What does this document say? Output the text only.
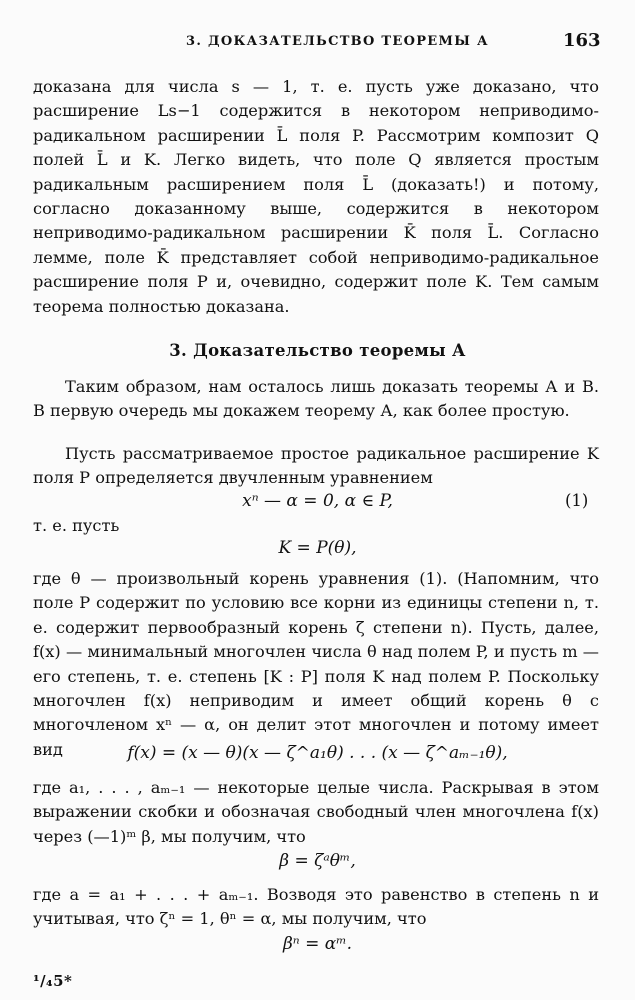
3. ДОКАЗАТЕЛЬСТВО ТЕОРЕМЫ А	163

доказана для числа s — 1, т. е. пусть уже доказано, что расширение Ls−1 содержится в некотором неприводимо-радикальном расширении L̄ поля P. Рассмотрим композит Q полей L̄ и K. Легко видеть, что поле Q является простым радикальным расширением поля L̄ (доказать!) и потому, согласно доказанному выше, содержится в некотором неприводимо-радикальном расширении K̄ поля L̄. Согласно лемме, поле K̄ представляет собой неприводимо-радикальное расширение поля P и, очевидно, содержит поле K. Тем самым теорема полностью доказана.

3. Доказательство теоремы А

Таким образом, нам осталось лишь доказать теоремы А и В. В первую очередь мы докажем теорему А, как более простую.

Пусть рассматриваемое простое радикальное расширение K поля P определяется двучленным уравнением

xⁿ — α = 0, α ∈ P,	(1)

т. е. пусть

K = P(θ),

где θ — произвольный корень уравнения (1). (Напомним, что поле P содержит по условию все корни из единицы степени n, т. е. содержит первообразный корень ζ степени n). Пусть, далее, f(x) — минимальный многочлен числа θ над полем P, и пусть m — его степень, т. е. степень [K : P] поля K над полем P. Поскольку многочлен f(x) неприводим и имеет общий корень θ с многочленом xⁿ — α, он делит этот многочлен и потому имеет вид	f(x) = (x — θ)(x — ζ^a₁θ) . . . (x — ζ^aₘ₋₁θ),

где a₁, . . . , aₘ₋₁ — некоторые целые числа. Раскрывая в этом выражении скобки и обозначая свободный член многочлена f(x) через (—1)ᵐ β, мы получим, что

β = ζᵃθᵐ,

где a = a₁ + . . . + aₘ₋₁. Возводя это равенство в степень n и учитывая, что ζⁿ = 1, θⁿ = α, мы получим, что

βⁿ = αᵐ.
¹/₄5*
